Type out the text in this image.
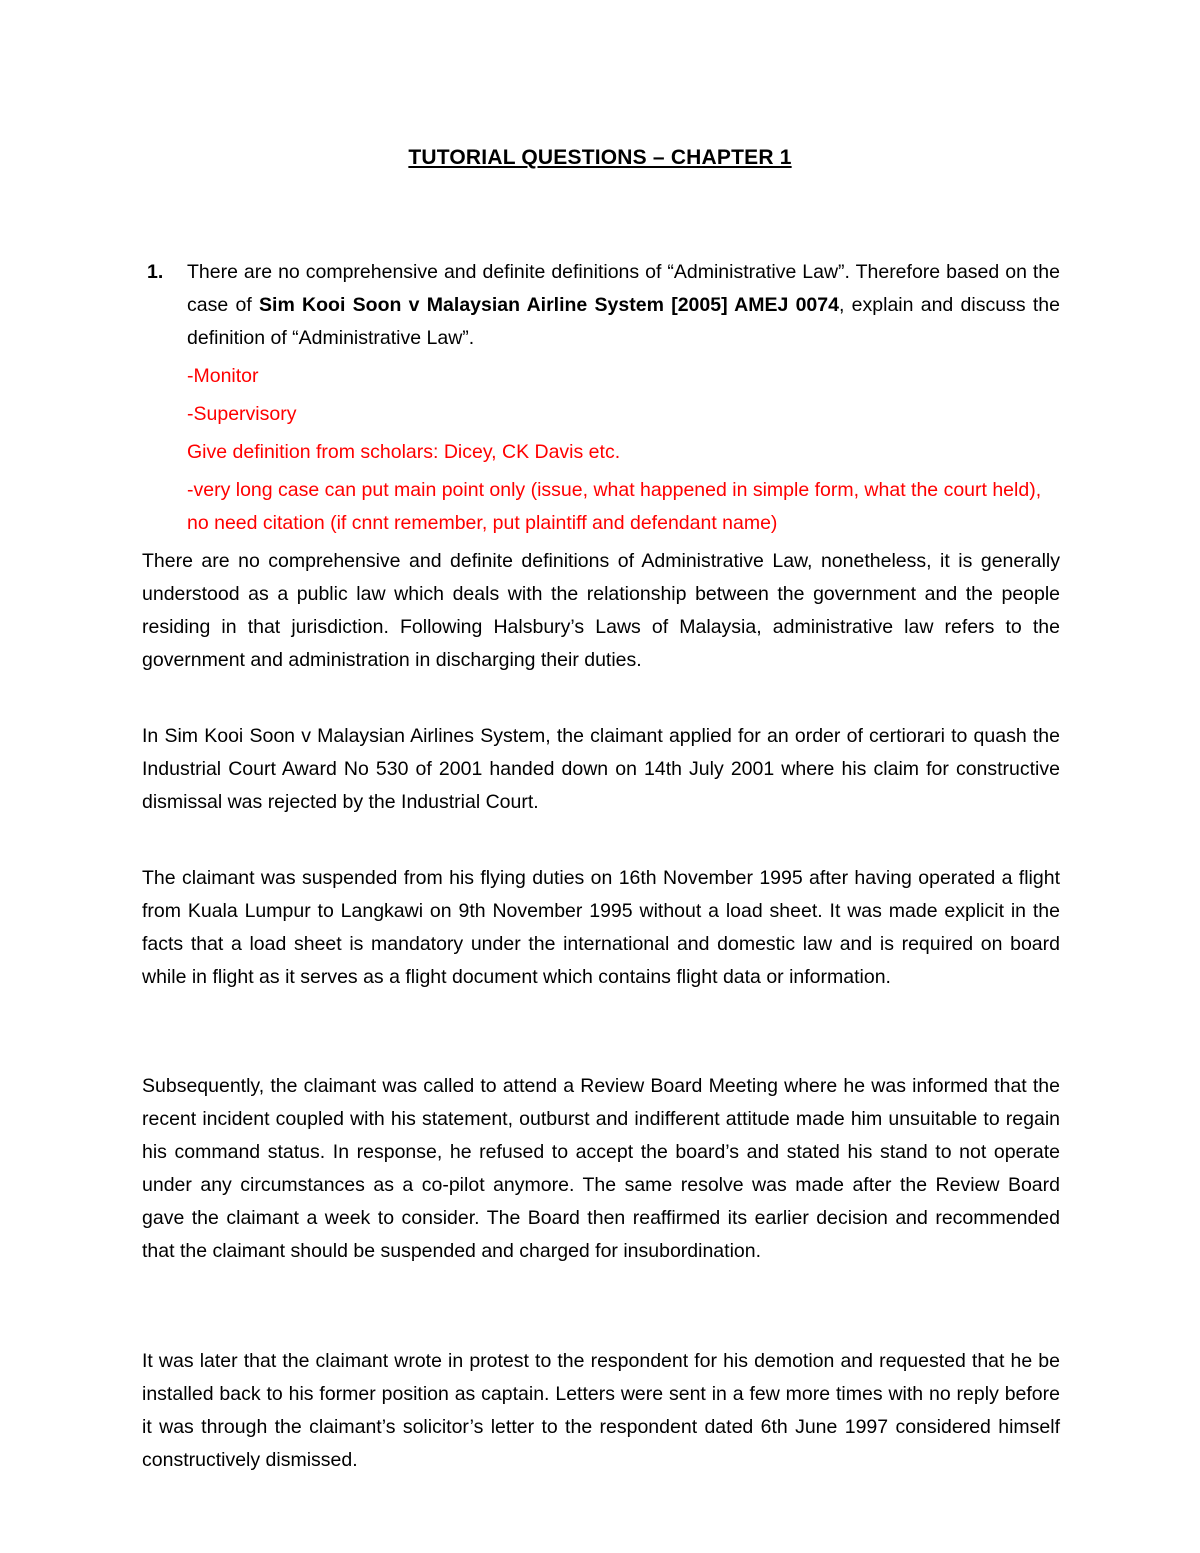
TUTORIAL QUESTIONS – CHAPTER 1
1. There are no comprehensive and definite definitions of “Administrative Law”. Therefore based on the case of Sim Kooi Soon v Malaysian Airline System [2005] AMEJ 0074, explain and discuss the definition of “Administrative Law”.
-Monitor
-Supervisory
Give definition from scholars: Dicey, CK Davis etc.
-very long case can put main point only (issue, what happened in simple form, what the court held), no need citation (if cnnt remember, put plaintiff and defendant name)
There are no comprehensive and definite definitions of Administrative Law, nonetheless, it is generally understood as a public law which deals with the relationship between the government and the people residing in that jurisdiction. Following Halsbury’s Laws of Malaysia, administrative law refers to the government and administration in discharging their duties.
In Sim Kooi Soon v Malaysian Airlines System, the claimant applied for an order of certiorari to quash the Industrial Court Award No 530 of 2001 handed down on 14th July 2001 where his claim for constructive dismissal was rejected by the Industrial Court.
The claimant was suspended from his flying duties on 16th November 1995 after having operated a flight from Kuala Lumpur to Langkawi on 9th November 1995 without a load sheet. It was made explicit in the facts that a load sheet is mandatory under the international and domestic law and is required on board while in flight as it serves as a flight document which contains flight data or information.
Subsequently, the claimant was called to attend a Review Board Meeting where he was informed that the recent incident coupled with his statement, outburst and indifferent attitude made him unsuitable to regain his command status. In response, he refused to accept the board’s and stated his stand to not operate under any circumstances as a co-pilot anymore. The same resolve was made after the Review Board gave the claimant a week to consider. The Board then reaffirmed its earlier decision and recommended that the claimant should be suspended and charged for insubordination.
It was later that the claimant wrote in protest to the respondent for his demotion and requested that he be installed back to his former position as captain. Letters were sent in a few more times with no reply before it was through the claimant’s solicitor’s letter to the respondent dated 6th June 1997 considered himself constructively dismissed.
